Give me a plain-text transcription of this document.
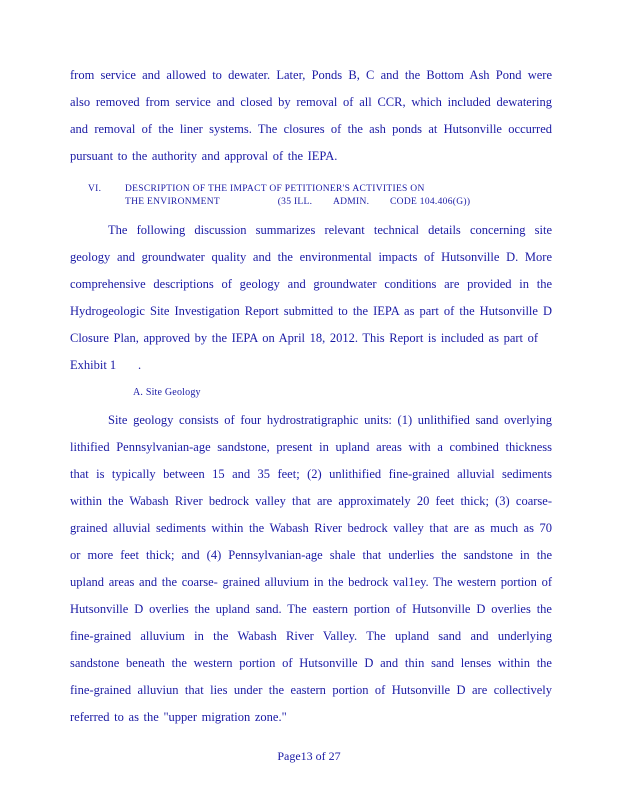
from service and allowed to dewater. Later, Ponds B, C and the Bottom Ash Pond were also removed from service and closed by removal of all CCR, which included dewatering and removal of the liner systems. The closures of the ash ponds at Hutsonville occurred pursuant to the authority and approval of the IEPA.

VI.	DESCRIPTION OF THE IMPACT OF PETITIONER'S ACTIVITIES ON
THE ENVIRONMENT	(35 ILL. ADMIN. CODE 104.406(G))

The following discussion summarizes relevant technical details concerning site geology and groundwater quality and the environmental impacts of Hutsonville D. More comprehensive descriptions of geology and groundwater conditions are provided in the Hydrogeologic Site Investigation Report submitted to the IEPA as part of the Hutsonville D Closure Plan, approved by the IEPA on April 18, 2012. This Report is included as part of

Exhibit 1       .
A. Site Geology

Site geology consists of four hydrostratigraphic units: (1) unlithified sand overlying lithified Pennsylvanian-age sandstone, present in upland areas with a combined thickness that is typically between 15 and 35 feet; (2) unlithified fine-grained alluvial sediments within the Wabash River bedrock valley that are approximately 20 feet thick; (3) coarse-grained alluvial sediments within the Wabash River bedrock valley that are as much as 70 or more feet thick; and (4) Pennsylvanian-age shale that underlies the sandstone in the upland areas and the coarse- grained alluvium in the bedrock val1ey. The western portion of Hutsonville D overlies the upland sand. The eastern portion of Hutsonville D overlies the fine-grained alluvium in the Wabash River Valley. The upland sand and underlying sandstone beneath the western portion of Hutsonville D and thin sand lenses within the fine-grained alluviun that lies under the eastern portion of Hutsonville D are collectively referred to as the "upper migration zone."

Page13 of 27
